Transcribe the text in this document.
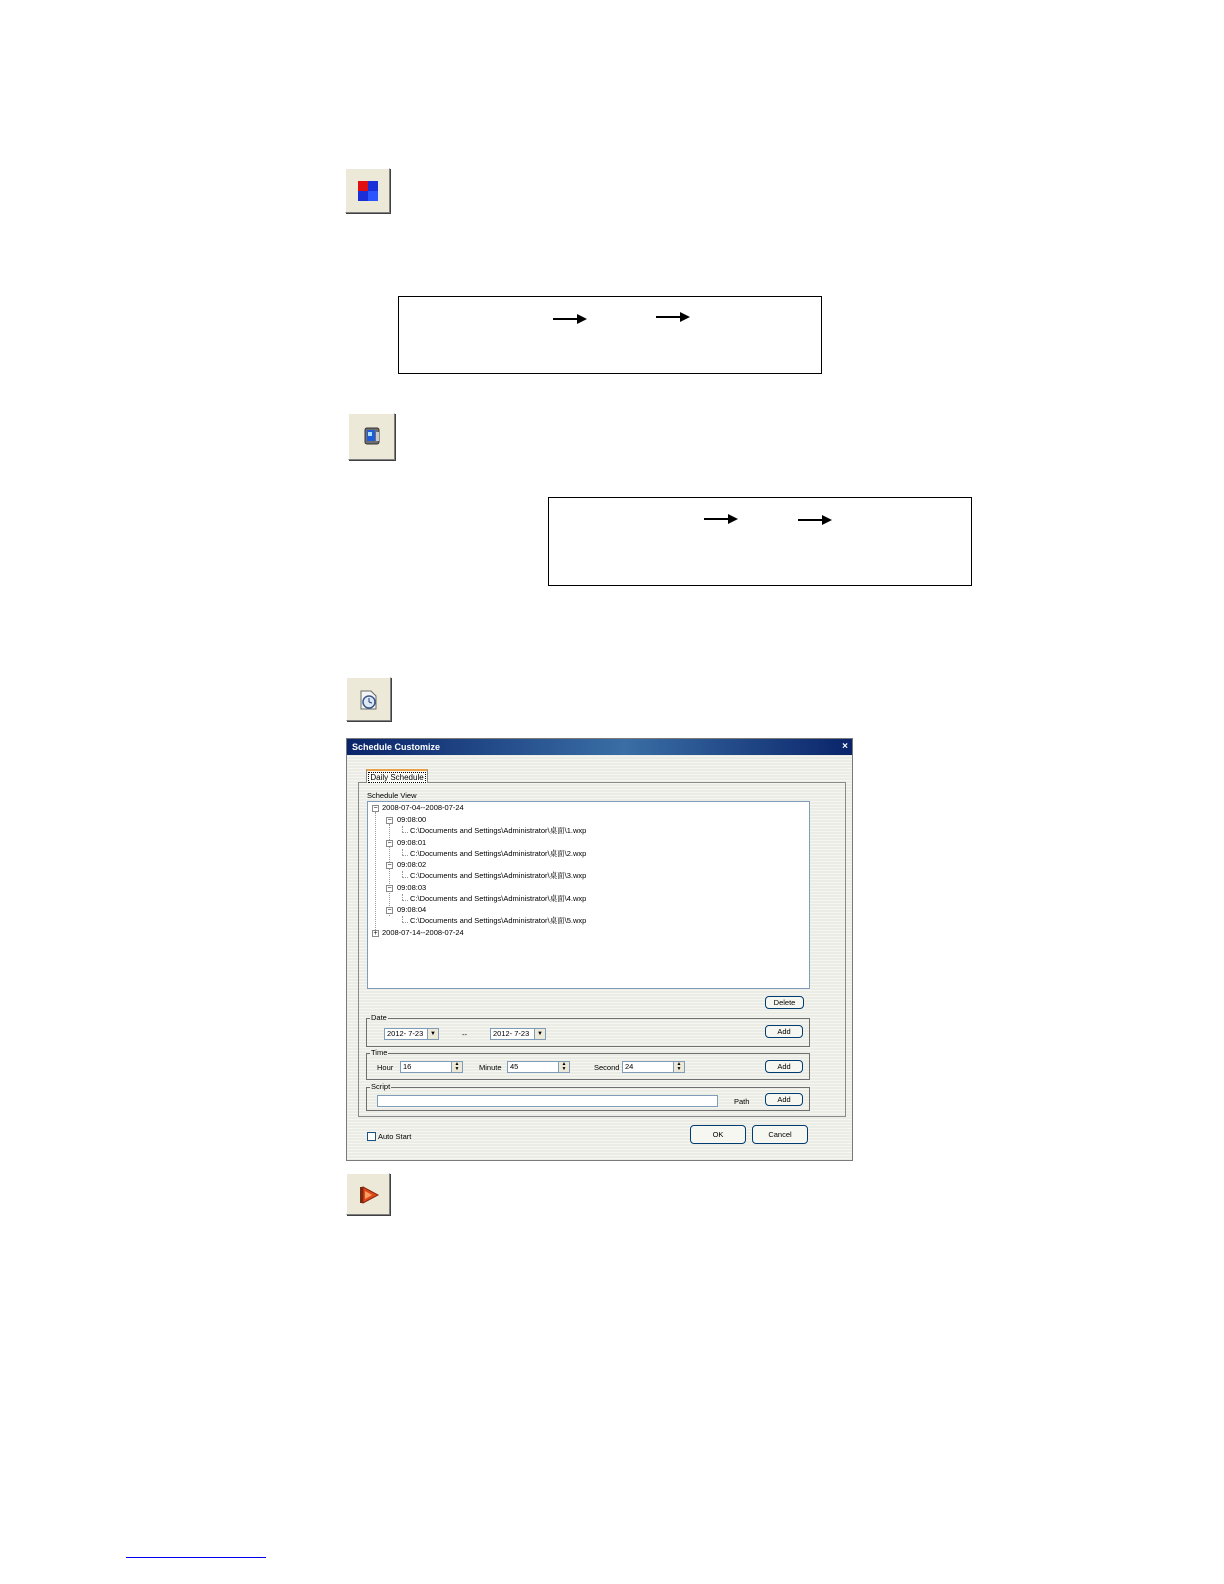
Schedule Customize	×
Daily Schedule
Schedule View
− 2008-07-04--2008-07-24
− 09:08:00
C:\Documents and Settings\Administrator\桌面\1.wxp
− 09:08:01
C:\Documents and Settings\Administrator\桌面\2.wxp
− 09:08:02
C:\Documents and Settings\Administrator\桌面\3.wxp
− 09:08:03
C:\Documents and Settings\Administrator\桌面\4.wxp
− 09:08:04
C:\Documents and Settings\Administrator\桌面\5.wxp
+ 2008-07-14--2008-07-24
Delete
Date
2012- 7-23	▼	--	2012- 7-23	▼	Add
Time
Hour	16	▲
▼	Minute	45	▲
▼	Second 24	▲
▼	Add
Script
Path	Add
Auto Start	OK	Cancel
